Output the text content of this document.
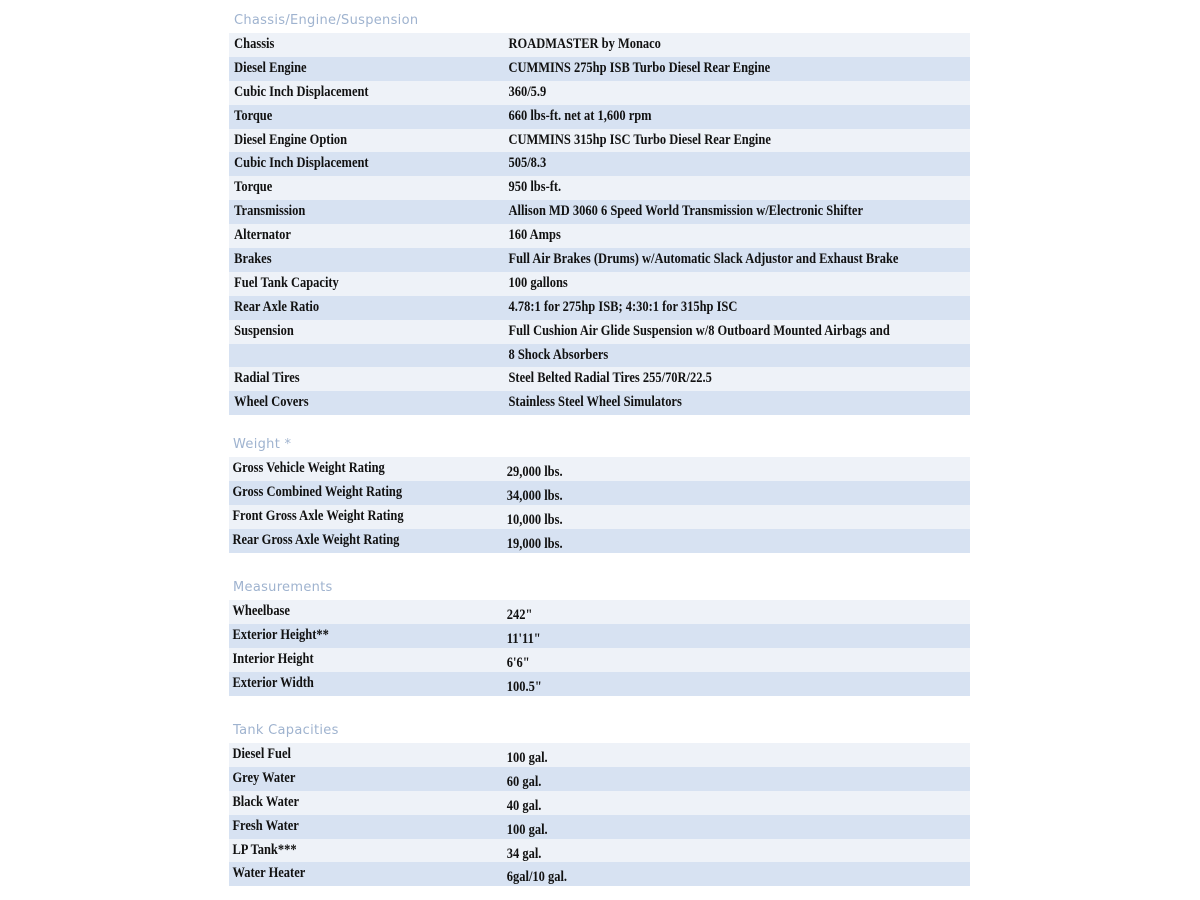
Chassis/Engine/Suspension
Chassis	ROADMASTER by Monaco
Diesel Engine	CUMMINS 275hp ISB Turbo Diesel Rear Engine
Cubic Inch Displacement	360/5.9
Torque	660 lbs-ft. net at 1,600 rpm
Diesel Engine Option	CUMMINS 315hp ISC Turbo Diesel Rear Engine
Cubic Inch Displacement	505/8.3
Torque	950 lbs-ft.
Transmission	Allison MD 3060 6 Speed World Transmission w/Electronic Shifter
Alternator	160 Amps
Brakes	Full Air Brakes (Drums) w/Automatic Slack Adjustor and Exhaust Brake
Fuel Tank Capacity	100 gallons
Rear Axle Ratio	4.78:1 for 275hp ISB; 4:30:1 for 315hp ISC
Suspension	Full Cushion Air Glide Suspension w/8 Outboard Mounted Airbags and
8 Shock Absorbers
Radial Tires	Steel Belted Radial Tires 255/70R/22.5
Wheel Covers	Stainless Steel Wheel Simulators
Weight *
Gross Vehicle Weight Rating	29,000 lbs.
Gross Combined Weight Rating	34,000 lbs.
Front Gross Axle Weight Rating	10,000 lbs.
Rear Gross Axle Weight Rating	19,000 lbs.
Measurements
Wheelbase	242"
Exterior Height**	11'11"
Interior Height	6'6"
Exterior Width	100.5"
Tank Capacities
Diesel Fuel	100 gal.
Grey Water	60 gal.
Black Water	40 gal.
Fresh Water	100 gal.
LP Tank***	34 gal.
Water Heater	6gal/10 gal.
